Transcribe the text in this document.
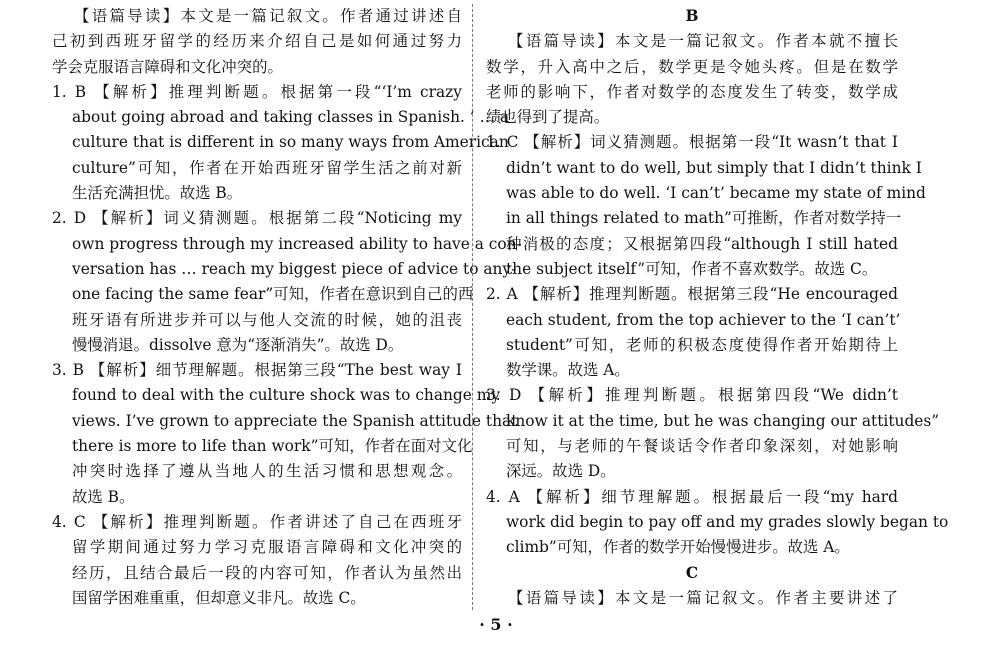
【语篇导读】本文是一篇记叙文。作者通过讲述自
己初到西班牙留学的经历来介绍自己是如何通过努力
学会克服语言障碍和文化冲突的。
1. B 【解析】推理判断题。根据第一段“‘I’m crazy
about going abroad and taking classes in Spanish. ’ … a
culture that is different in so many ways from American
culture”可知，作者在开始西班牙留学生活之前对新
生活充满担忧。故选 B。
2. D 【解析】词义猜测题。根据第二段“Noticing my
own progress through my increased ability to have a con-
versation has … reach my biggest piece of advice to any-
one facing the same fear”可知，作者在意识到自己的西
班牙语有所进步并可以与他人交流的时候，她的沮丧
慢慢消退。dissolve 意为“逐渐消失”。故选 D。
3. B 【解析】细节理解题。根据第三段“The best way I
found to deal with the culture shock was to change my
views. I’ve grown to appreciate the Spanish attitude that
there is more to life than work”可知，作者在面对文化
冲突时选择了遵从当地人的生活习惯和思想观念。
故选 B。
4. C 【解析】推理判断题。作者讲述了自己在西班牙
留学期间通过努力学习克服语言障碍和文化冲突的
经历，且结合最后一段的内容可知，作者认为虽然出
国留学困难重重，但却意义非凡。故选 C。
B
【语篇导读】本文是一篇记叙文。作者本就不擅长
数学，升入高中之后，数学更是令她头疼。但是在数学
老师的影响下，作者对数学的态度发生了转变，数学成
绩也得到了提高。
1. C 【解析】词义猜测题。根据第一段“It wasn’t that I
didn’t want to do well, but simply that I didn’t think I
was able to do well. ‘I can’t’ became my state of mind
in all things related to math”可推断，作者对数学持一
种消极的态度；又根据第四段“although I still hated
the subject itself”可知，作者不喜欢数学。故选 C。
2. A 【解析】推理判断题。根据第三段“He encouraged
each student, from the top achiever to the ‘I can’t’
student”可知，老师的积极态度使得作者开始期待上
数学课。故选 A。
3. D 【解析】推理判断题。根据第四段“We didn’t
know it at the time, but he was changing our attitudes”
可知，与老师的午餐谈话令作者印象深刻，对她影响
深远。故选 D。
4. A 【解析】细节理解题。根据最后一段“my hard
work did begin to pay off and my grades slowly began to
climb”可知，作者的数学开始慢慢进步。故选 A。
C
【语篇导读】本文是一篇记叙文。作者主要讲述了
· 5 ·
